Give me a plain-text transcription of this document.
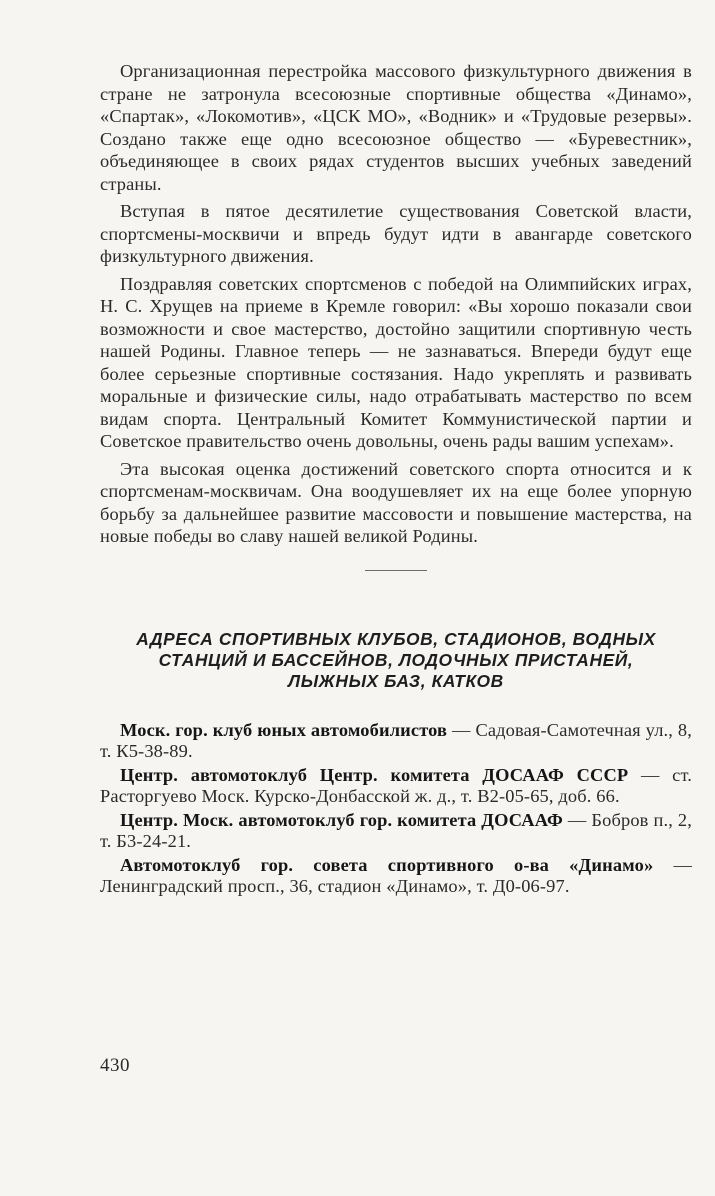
Организационная перестройка массового физкультурного движения в стране не затронула всесоюзные спортивные общества «Динамо», «Спартак», «Локомотив», «ЦСК МО», «Водник» и «Трудовые резервы». Создано также еще одно всесоюзное общество — «Буревестник», объединяющее в своих рядах студентов высших учебных заведений страны.

Вступая в пятое десятилетие существования Советской власти, спортсмены-москвичи и впредь будут идти в авангарде советского физкультурного движения.

Поздравляя советских спортсменов с победой на Олимпийских играх, Н. С. Хрущев на приеме в Кремле говорил: «Вы хорошо показали свои возможности и свое мастерство, достойно защитили спортивную честь нашей Родины. Главное теперь — не зазнаваться. Впереди будут еще более серьезные спортивные состязания. Надо укреплять и развивать моральные и физические силы, надо отрабатывать мастерство по всем видам спорта. Центральный Комитет Коммунистической партии и Советское правительство очень довольны, очень рады вашим успехам».

Эта высокая оценка достижений советского спорта относится и к спортсменам-москвичам. Она воодушевляет их на еще более упорную борьбу за дальнейшее развитие массовости и повышение мастерства, на новые победы во славу нашей великой Родины.

АДРЕСА СПОРТИВНЫХ КЛУБОВ, СТАДИОНОВ, ВОДНЫХ
СТАНЦИЙ И БАССЕЙНОВ, ЛОДОЧНЫХ ПРИСТАНЕЙ,
ЛЫЖНЫХ БАЗ, КАТКОВ

Моск. гор. клуб юных автомобилистов — Садовая-Самотечная ул., 8, т. К5-38-89.

Центр. автомотоклуб Центр. комитета ДОСААФ СССР — ст. Расторгуево Моск. Курско-Донбасской ж. д., т. В2-05-65, доб. 66.

Центр. Моск. автомотоклуб гор. комитета ДОСААФ — Бобров п., 2, т. Б3-24-21.

Автомотоклуб гор. совета спортивного о-ва «Динамо» — Ленинградский просп., 36, стадион «Динамо», т. Д0-06-97.

430
